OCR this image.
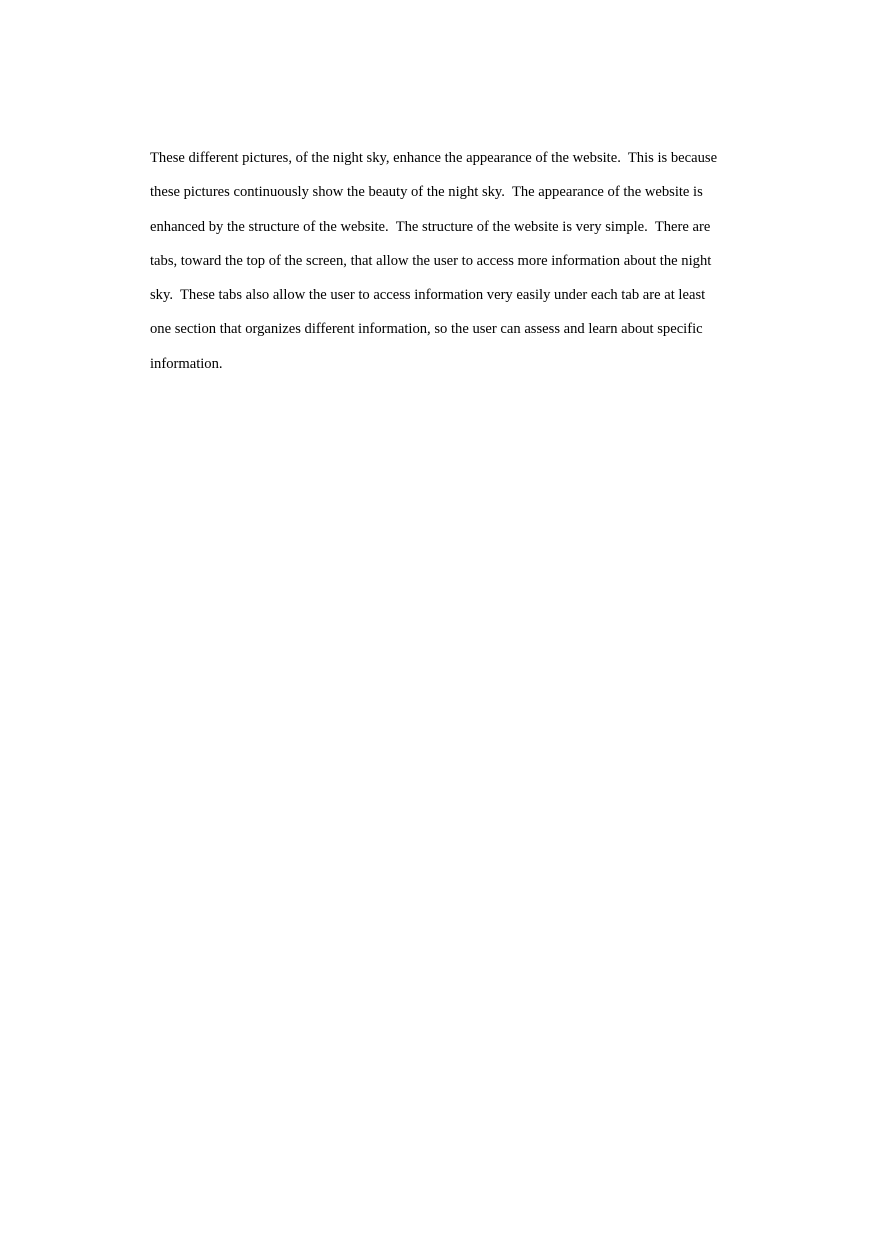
These different pictures, of the night sky, enhance the appearance of the website.  This is because
these pictures continuously show the beauty of the night sky.  The appearance of the website is
enhanced by the structure of the website.  The structure of the website is very simple.  There are
tabs, toward the top of the screen, that allow the user to access more information about the night
sky.  These tabs also allow the user to access information very easily under each tab are at least
one section that organizes different information, so the user can assess and learn about specific
information.
